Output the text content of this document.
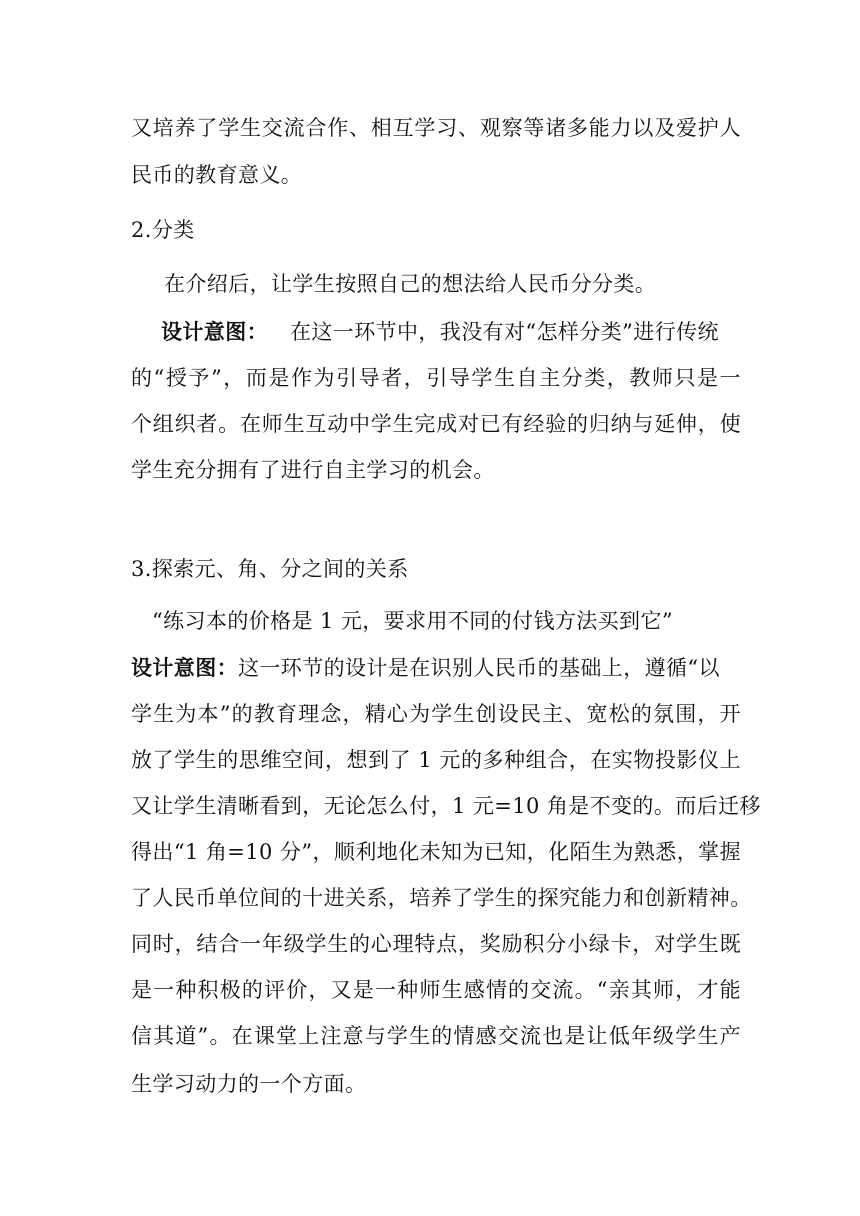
又培养了学生交流合作、相互学习、观察等诸多能力以及爱护人
民币的教育意义。
2.分类
在介绍后，让学生按照自己的想法给人民币分分类。
设计意图： 在这一环节中，我没有对“怎样分类”进行传统
的“授予”，而是作为引导者，引导学生自主分类，教师只是一
个组织者。在师生互动中学生完成对已有经验的归纳与延伸，使
学生充分拥有了进行自主学习的机会。
3.探索元、角、分之间的关系
“练习本的价格是 1 元，要求用不同的付钱方法买到它”
设计意图：这一环节的设计是在识别人民币的基础上，遵循“以
学生为本”的教育理念，精心为学生创设民主、宽松的氛围，开
放了学生的思维空间，想到了 1 元的多种组合，在实物投影仪上
又让学生清晰看到，无论怎么付，1 元=10 角是不变的。而后迁移
得出“1 角=10 分”，顺利地化未知为已知，化陌生为熟悉，掌握
了人民币单位间的十进关系，培养了学生的探究能力和创新精神。
同时，结合一年级学生的心理特点，奖励积分小绿卡，对学生既
是一种积极的评价，又是一种师生感情的交流。“亲其师，才能
信其道”。在课堂上注意与学生的情感交流也是让低年级学生产
生学习动力的一个方面。
